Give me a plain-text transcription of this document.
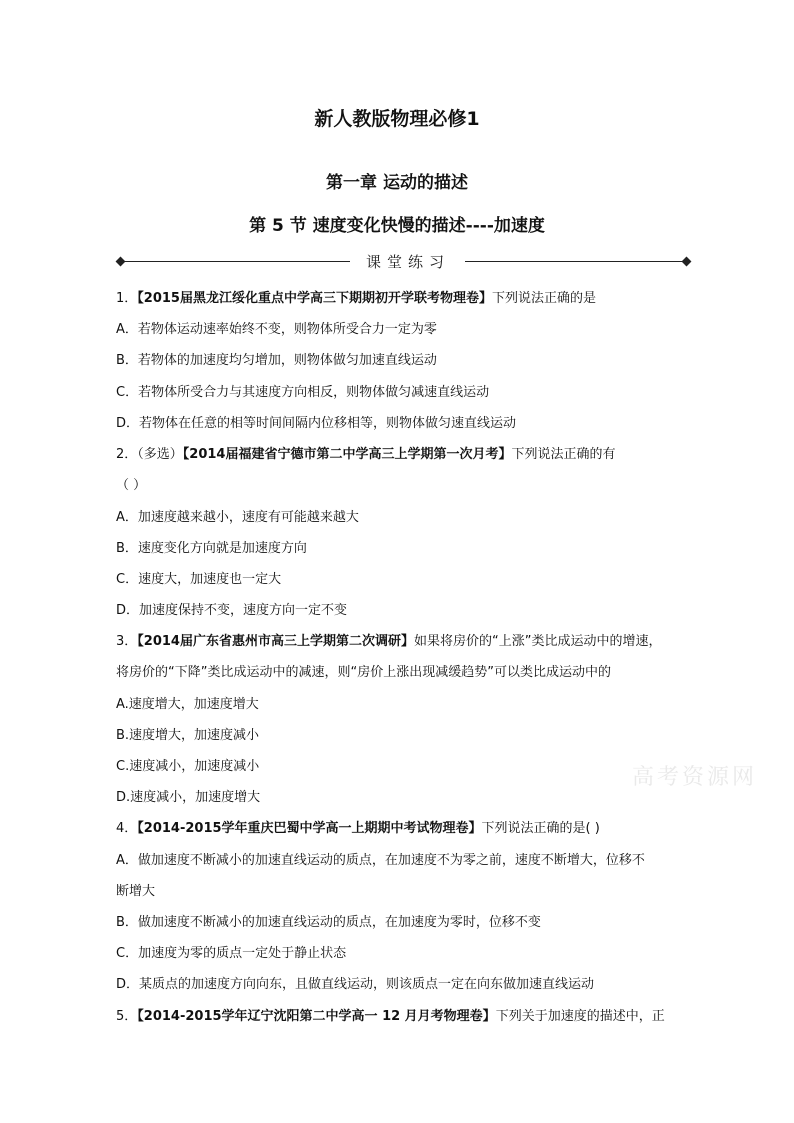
新人教版物理必修1
第一章 运动的描述
第 5 节 速度变化快慢的描述----加速度
课堂练习
1．【2015届黑龙江绥化重点中学高三下期期初开学联考物理卷】下列说法正确的是
A．若物体运动速率始终不变，则物体所受合力一定为零
B．若物体的加速度均匀增加，则物体做匀加速直线运动
C．若物体所受合力与其速度方向相反，则物体做匀减速直线运动
D．若物体在任意的相等时间间隔内位移相等，则物体做匀速直线运动
2．（多选）【2014届福建省宁德市第二中学高三上学期第一次月考】下列说法正确的有
（ ）
A．加速度越来越小，速度有可能越来越大
B．速度变化方向就是加速度方向
C．速度大，加速度也一定大
D．加速度保持不变，速度方向一定不变
3．【2014届广东省惠州市高三上学期第二次调研】如果将房价的“上涨”类比成运动中的增速，
将房价的“下降”类比成运动中的减速，则“房价上涨出现减缓趋势”可以类比成运动中的
A.速度增大，加速度增大
B.速度增大，加速度减小
C.速度减小，加速度减小
D.速度减小，加速度增大
4．【2014-2015学年重庆巴蜀中学高一上期期中考试物理卷】下列说法正确的是( )
A．做加速度不断减小的加速直线运动的质点，在加速度不为零之前，速度不断增大，位移不
断增大
B．做加速度不断减小的加速直线运动的质点，在加速度为零时，位移不变
C．加速度为零的质点一定处于静止状态
D．某质点的加速度方向向东，且做直线运动，则该质点一定在向东做加速直线运动
5．【2014-2015学年辽宁沈阳第二中学高一 12 月月考物理卷】下列关于加速度的描述中，正
高考资源网
